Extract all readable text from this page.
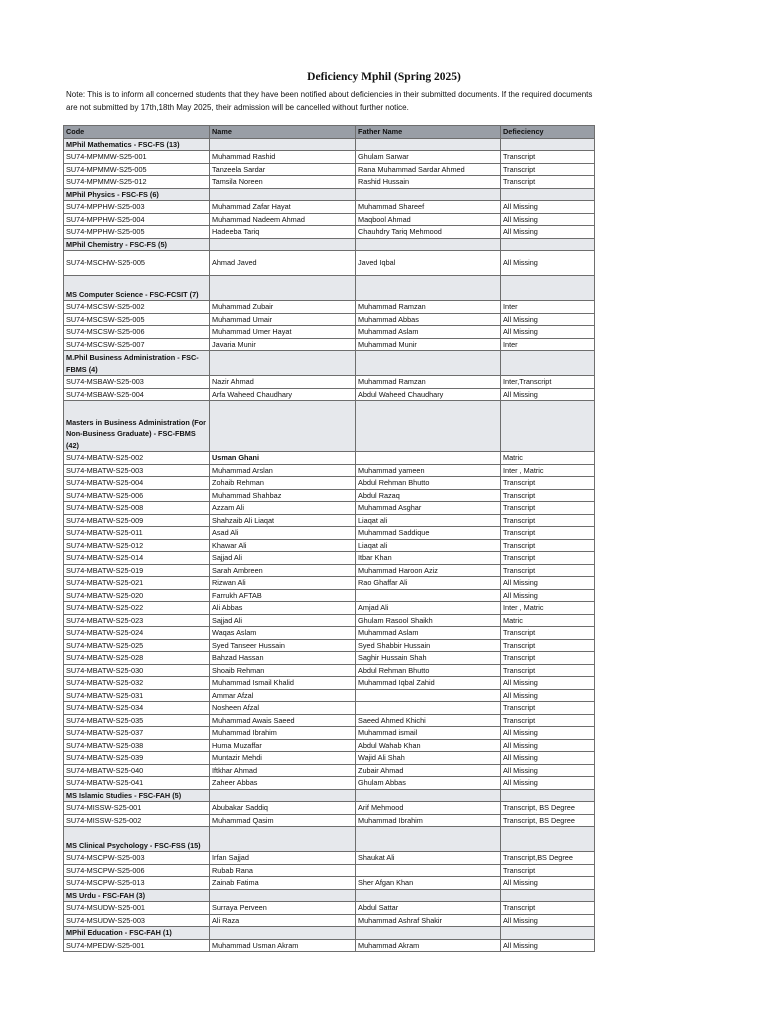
Deficiency Mphil (Spring 2025)
Note: This is to inform all concerned students that they have been notified about deficiencies in their submitted documents. If the required documents are not submitted by 17th,18th May 2025, their admission will be cancelled without further notice.
Code	Name	Father Name	Defieciency
MPhil Mathematics - FSC-FS (13)			
SU74-MPMMW-S25-001	Muhammad Rashid	Ghulam Sarwar	Transcript
SU74-MPMMW-S25-005	Tanzeela Sardar	Rana Muhammad Sardar Ahmed	Transcript
SU74-MPMMW-S25-012	Tamsila Noreen	Rashid Hussain	Transcript
MPhil Physics - FSC-FS (6)			
SU74-MPPHW-S25-003	Muhammad Zafar Hayat	Muhammad Shareef	All Missing
SU74-MPPHW-S25-004	Muhammad Nadeem Ahmad	Maqbool Ahmad	All Missing
SU74-MPPHW-S25-005	Hadeeba Tariq	Chauhdry Tariq Mehmood	All Missing
MPhil Chemistry - FSC-FS (5)			
SU74-MSCHW-S25-005	Ahmad Javed	Javed Iqbal	All Missing
MS Computer Science - FSC-FCSIT (7)			
SU74-MSCSW-S25-002	Muhammad Zubair	Muhammad Ramzan	Inter
SU74-MSCSW-S25-005	Muhammad Umair	Muhammad Abbas	All Missing
SU74-MSCSW-S25-006	Muhammad Umer Hayat	Muhammad Aslam	All Missing
SU74-MSCSW-S25-007	Javaria Munir	Muhammad Munir	Inter
M.Phil Business Administration - FSC-FBMS (4)			
SU74-MSBAW-S25-003	Nazir Ahmad	Muhammad Ramzan	Inter,Transcript
SU74-MSBAW-S25-004	Arfa Waheed Chaudhary	Abdul Waheed Chaudhary	All Missing
Masters in Business Administration (For Non-Business Graduate) - FSC-FBMS (42)			
SU74-MBATW-S25-002	Usman Ghani		Matric
SU74-MBATW-S25-003	Muhammad Arslan	Muhammad yameen	Inter , Matric
SU74-MBATW-S25-004	Zohaib Rehman	Abdul Rehman Bhutto	Transcript
SU74-MBATW-S25-006	Muhammad Shahbaz	Abdul Razaq	Transcript
SU74-MBATW-S25-008	Azzam Ali	Muhammad Asghar	Transcript
SU74-MBATW-S25-009	Shahzaib Ali Liaqat	Liaqat ali	Transcript
SU74-MBATW-S25-011	Asad Ali	Muhammad Saddique	Transcript
SU74-MBATW-S25-012	Khawar Ali	Liaqat ali	Transcript
SU74-MBATW-S25-014	Sajjad Ali	Itbar Khan	Transcript
SU74-MBATW-S25-019	Sarah Ambreen	Muhammad Haroon Aziz	Transcript
SU74-MBATW-S25-021	Rizwan Ali	Rao Ghaffar Ali	All Missing
SU74-MBATW-S25-020	Farrukh AFTAB		All Missing
SU74-MBATW-S25-022	Ali Abbas	Amjad Ali	Inter , Matric
SU74-MBATW-S25-023	Sajjad Ali	Ghulam Rasool Shaikh	Matric
SU74-MBATW-S25-024	Waqas Aslam	Muhammad Aslam	Transcript
SU74-MBATW-S25-025	Syed Tanseer Hussain	Syed Shabbir Hussain	Transcript
SU74-MBATW-S25-028	Bahzad Hassan	Saghir Hussain Shah	Transcript
SU74-MBATW-S25-030	Shoaib Rehman	Abdul Rehman Bhutto	Transcript
SU74-MBATW-S25-032	Muhammad Ismail Khalid	Muhammad Iqbal Zahid	All Missing
SU74-MBATW-S25-031	Ammar Afzal		All Missing
SU74-MBATW-S25-034	Nosheen Afzal		Transcript
SU74-MBATW-S25-035	Muhammad Awais Saeed	Saeed Ahmed Khichi	Transcript
SU74-MBATW-S25-037	Muhammad Ibrahim	Muhammad ismail	All Missing
SU74-MBATW-S25-038	Huma Muzaffar	Abdul Wahab Khan	All Missing
SU74-MBATW-S25-039	Muntazir Mehdi	Wajid Ali Shah	All Missing
SU74-MBATW-S25-040	Iftkhar Ahmad	Zubair Ahmad	All Missing
SU74-MBATW-S25-041	Zaheer Abbas	Ghulam Abbas	All Missing
MS Islamic Studies - FSC-FAH (5)			
SU74-MISSW-S25-001	Abubakar Saddiq	Arif Mehmood	Transcript, BS Degree
SU74-MISSW-S25-002	Muhammad Qasim	Muhammad Ibrahim	Transcript, BS Degree
MS Clinical Psychology - FSC-FSS (15)			
SU74-MSCPW-S25-003	Irfan Sajjad	Shaukat Ali	Transcript,BS Degree
SU74-MSCPW-S25-006	Rubab Rana		Transcript
SU74-MSCPW-S25-013	Zainab Fatima	Sher Afgan Khan	All Missing
MS Urdu - FSC-FAH (3)			
SU74-MSUDW-S25-001	Surraya Perveen	Abdul Sattar	Transcript
SU74-MSUDW-S25-003	Ali Raza	Muhammad Ashraf Shakir	All Missing
MPhil Education - FSC-FAH (1)			
SU74-MPEDW-S25-001	Muhammad Usman Akram	Muhammad Akram	All Missing
